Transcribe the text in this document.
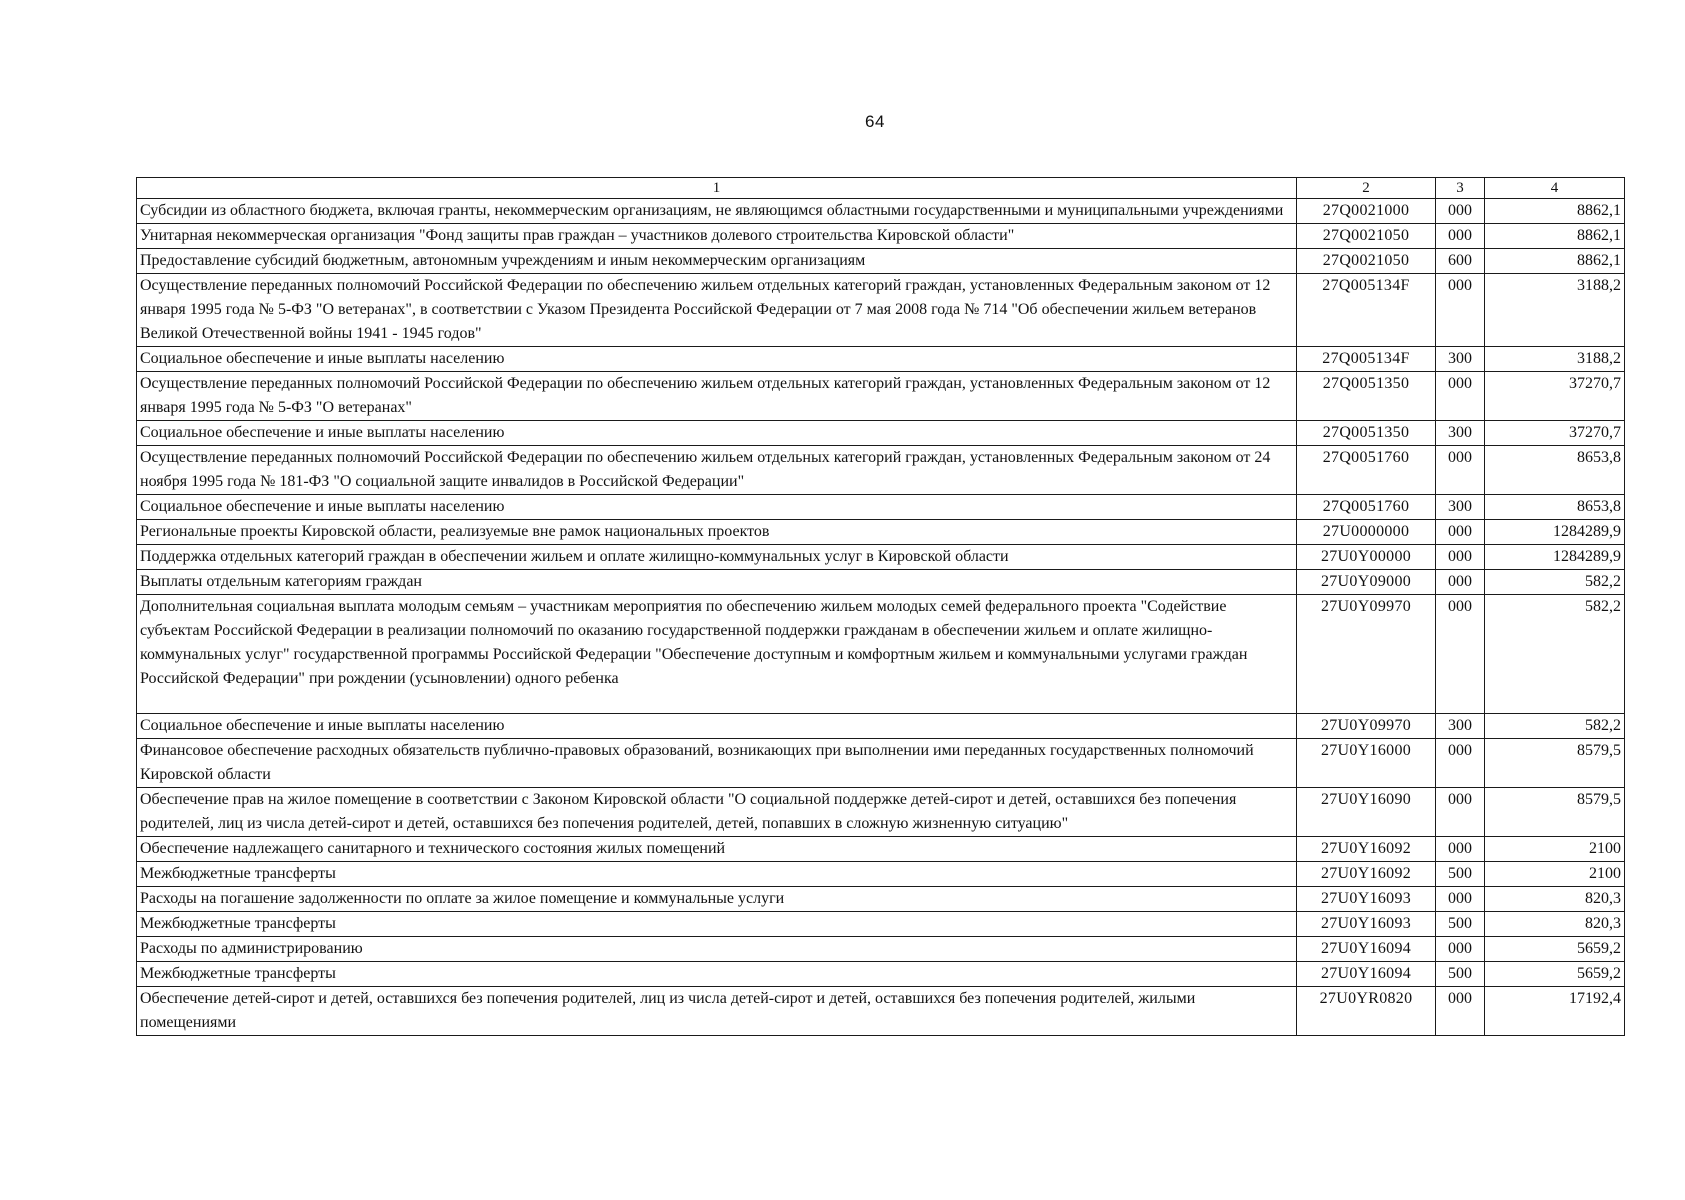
64
1	2	3	4
Субсидии из областного бюджета, включая гранты, некоммерческим организациям, не являющимся областными государственными и муниципальными учреждениями	27Q0021000	000	8862,1
Унитарная некоммерческая организация "Фонд защиты прав граждан – участников долевого строительства Кировской области"	27Q0021050	000	8862,1
Предоставление субсидий бюджетным, автономным учреждениям и иным некоммерческим организациям	27Q0021050	600	8862,1
Осуществление переданных полномочий Российской Федерации по обеспечению жильем отдельных категорий граждан, установленных Федеральным законом от 12 января 1995 года № 5-ФЗ "О ветеранах", в соответствии с Указом Президента Российской Федерации от 7 мая 2008 года № 714 "Об обеспечении жильем ветеранов Великой Отечественной войны 1941 - 1945 годов"	27Q005134F	000	3188,2
Социальное обеспечение и иные выплаты населению	27Q005134F	300	3188,2
Осуществление переданных полномочий Российской Федерации по обеспечению жильем отдельных категорий граждан, установленных Федеральным законом от 12 января 1995 года № 5-ФЗ "О ветеранах"	27Q0051350	000	37270,7
Социальное обеспечение и иные выплаты населению	27Q0051350	300	37270,7
Осуществление переданных полномочий Российской Федерации по обеспечению жильем отдельных категорий граждан, установленных Федеральным законом от 24 ноября 1995 года № 181-ФЗ "О социальной защите инвалидов в Российской Федерации"	27Q0051760	000	8653,8
Социальное обеспечение и иные выплаты населению	27Q0051760	300	8653,8
Региональные проекты Кировской области, реализуемые вне рамок национальных проектов	27U0000000	000	1284289,9
Поддержка отдельных категорий граждан в обеспечении жильем и оплате жилищно-коммунальных услуг в Кировской области	27U0Y00000	000	1284289,9
Выплаты отдельным категориям граждан	27U0Y09000	000	582,2
Дополнительная социальная выплата молодым семьям – участникам мероприятия по обеспечению жильем молодых семей федерального проекта "Содействие субъектам Российской Федерации в реализации полномочий по оказанию государственной поддержки гражданам в обеспечении жильем и оплате жилищно-коммунальных услуг" государственной программы Российской Федерации "Обеспечение доступным и комфортным жильем и коммунальными услугами граждан Российской Федерации" при рождении (усыновлении) одного ребенка	27U0Y09970	000	582,2
Социальное обеспечение и иные выплаты населению	27U0Y09970	300	582,2
Финансовое обеспечение расходных обязательств публично-правовых образований, возникающих при выполнении ими переданных государственных полномочий Кировской области	27U0Y16000	000	8579,5
Обеспечение прав на жилое помещение в соответствии с Законом Кировской области "О социальной поддержке детей-сирот и детей, оставшихся без попечения родителей, лиц из числа детей-сирот и детей, оставшихся без попечения родителей, детей, попавших в сложную жизненную ситуацию"	27U0Y16090	000	8579,5
Обеспечение надлежащего санитарного и технического состояния жилых помещений	27U0Y16092	000	2100
Межбюджетные трансферты	27U0Y16092	500	2100
Расходы на погашение задолженности по оплате за жилое помещение и коммунальные услуги	27U0Y16093	000	820,3
Межбюджетные трансферты	27U0Y16093	500	820,3
Расходы по администрированию	27U0Y16094	000	5659,2
Межбюджетные трансферты	27U0Y16094	500	5659,2
Обеспечение детей-сирот и детей, оставшихся без попечения родителей, лиц из числа детей-сирот и детей, оставшихся без попечения родителей, жилыми помещениями	27U0YR0820	000	17192,4
